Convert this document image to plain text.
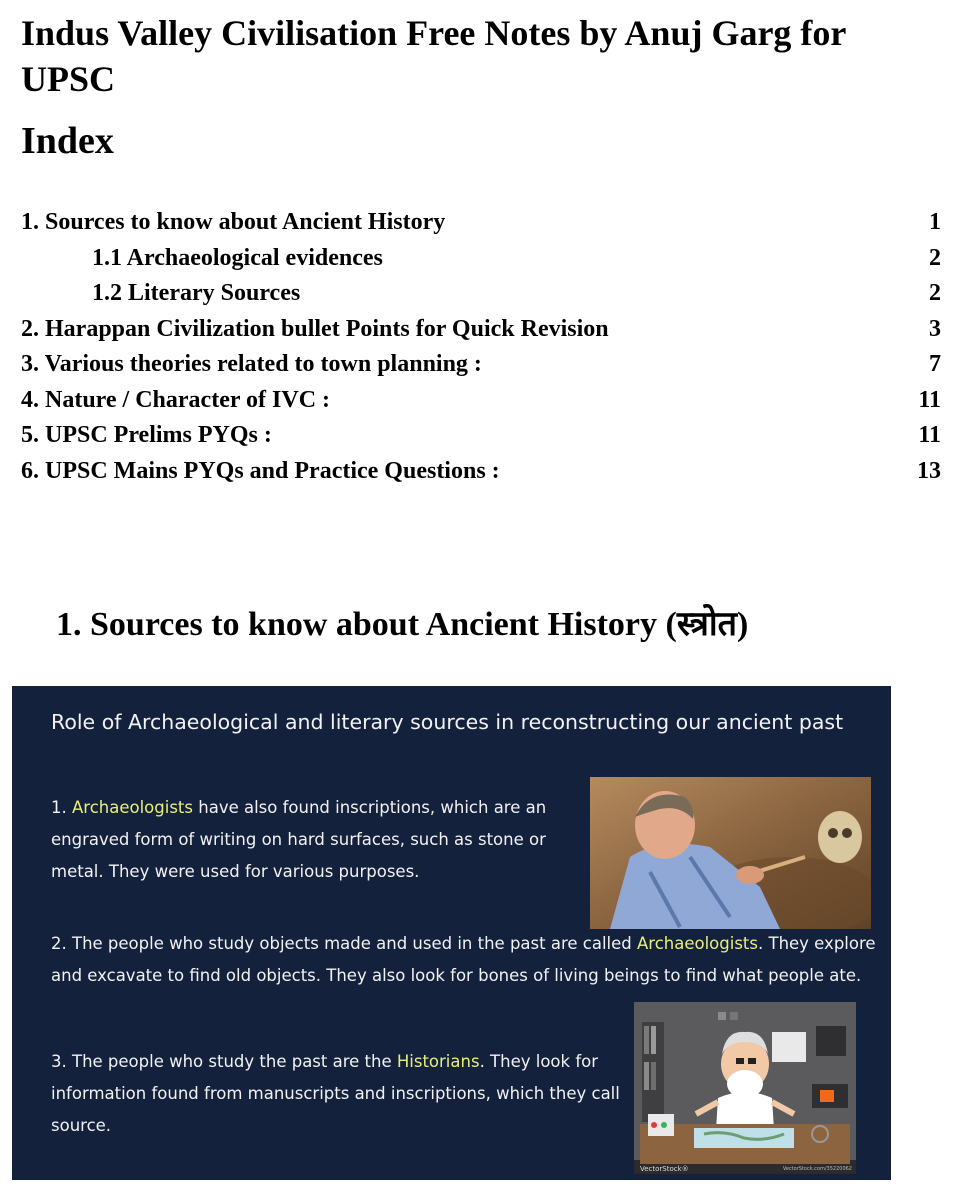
Indus Valley Civilisation Free Notes by Anuj Garg for UPSC
Index
1. Sources to know about Ancient History	1
1.1 Archaeological evidences	2
1.2 Literary Sources	2
2. Harappan Civilization bullet Points for Quick Revision	3
3. Various theories related to town planning :	7
4. Nature / Character of IVC :	11
5. UPSC Prelims PYQs :	11
6. UPSC Mains PYQs and Practice Questions :	13
1. Sources to know about Ancient History (स्त्रोत)
Role of Archaeological and literary sources in reconstructing our ancient past
1. Archaeologists have also found inscriptions, which are an engraved form of writing on hard surfaces, such as stone or metal. They were used for various purposes.
2. The people who study objects made and used in the past are called Archaeologists. They explore and excavate to find old objects. They also look for bones of living beings to find what people ate.
3. The people who study the past are the Historians. They look for information found from manuscripts and inscriptions, which they call source.
VectorStock®	VectorStock.com/35220062
